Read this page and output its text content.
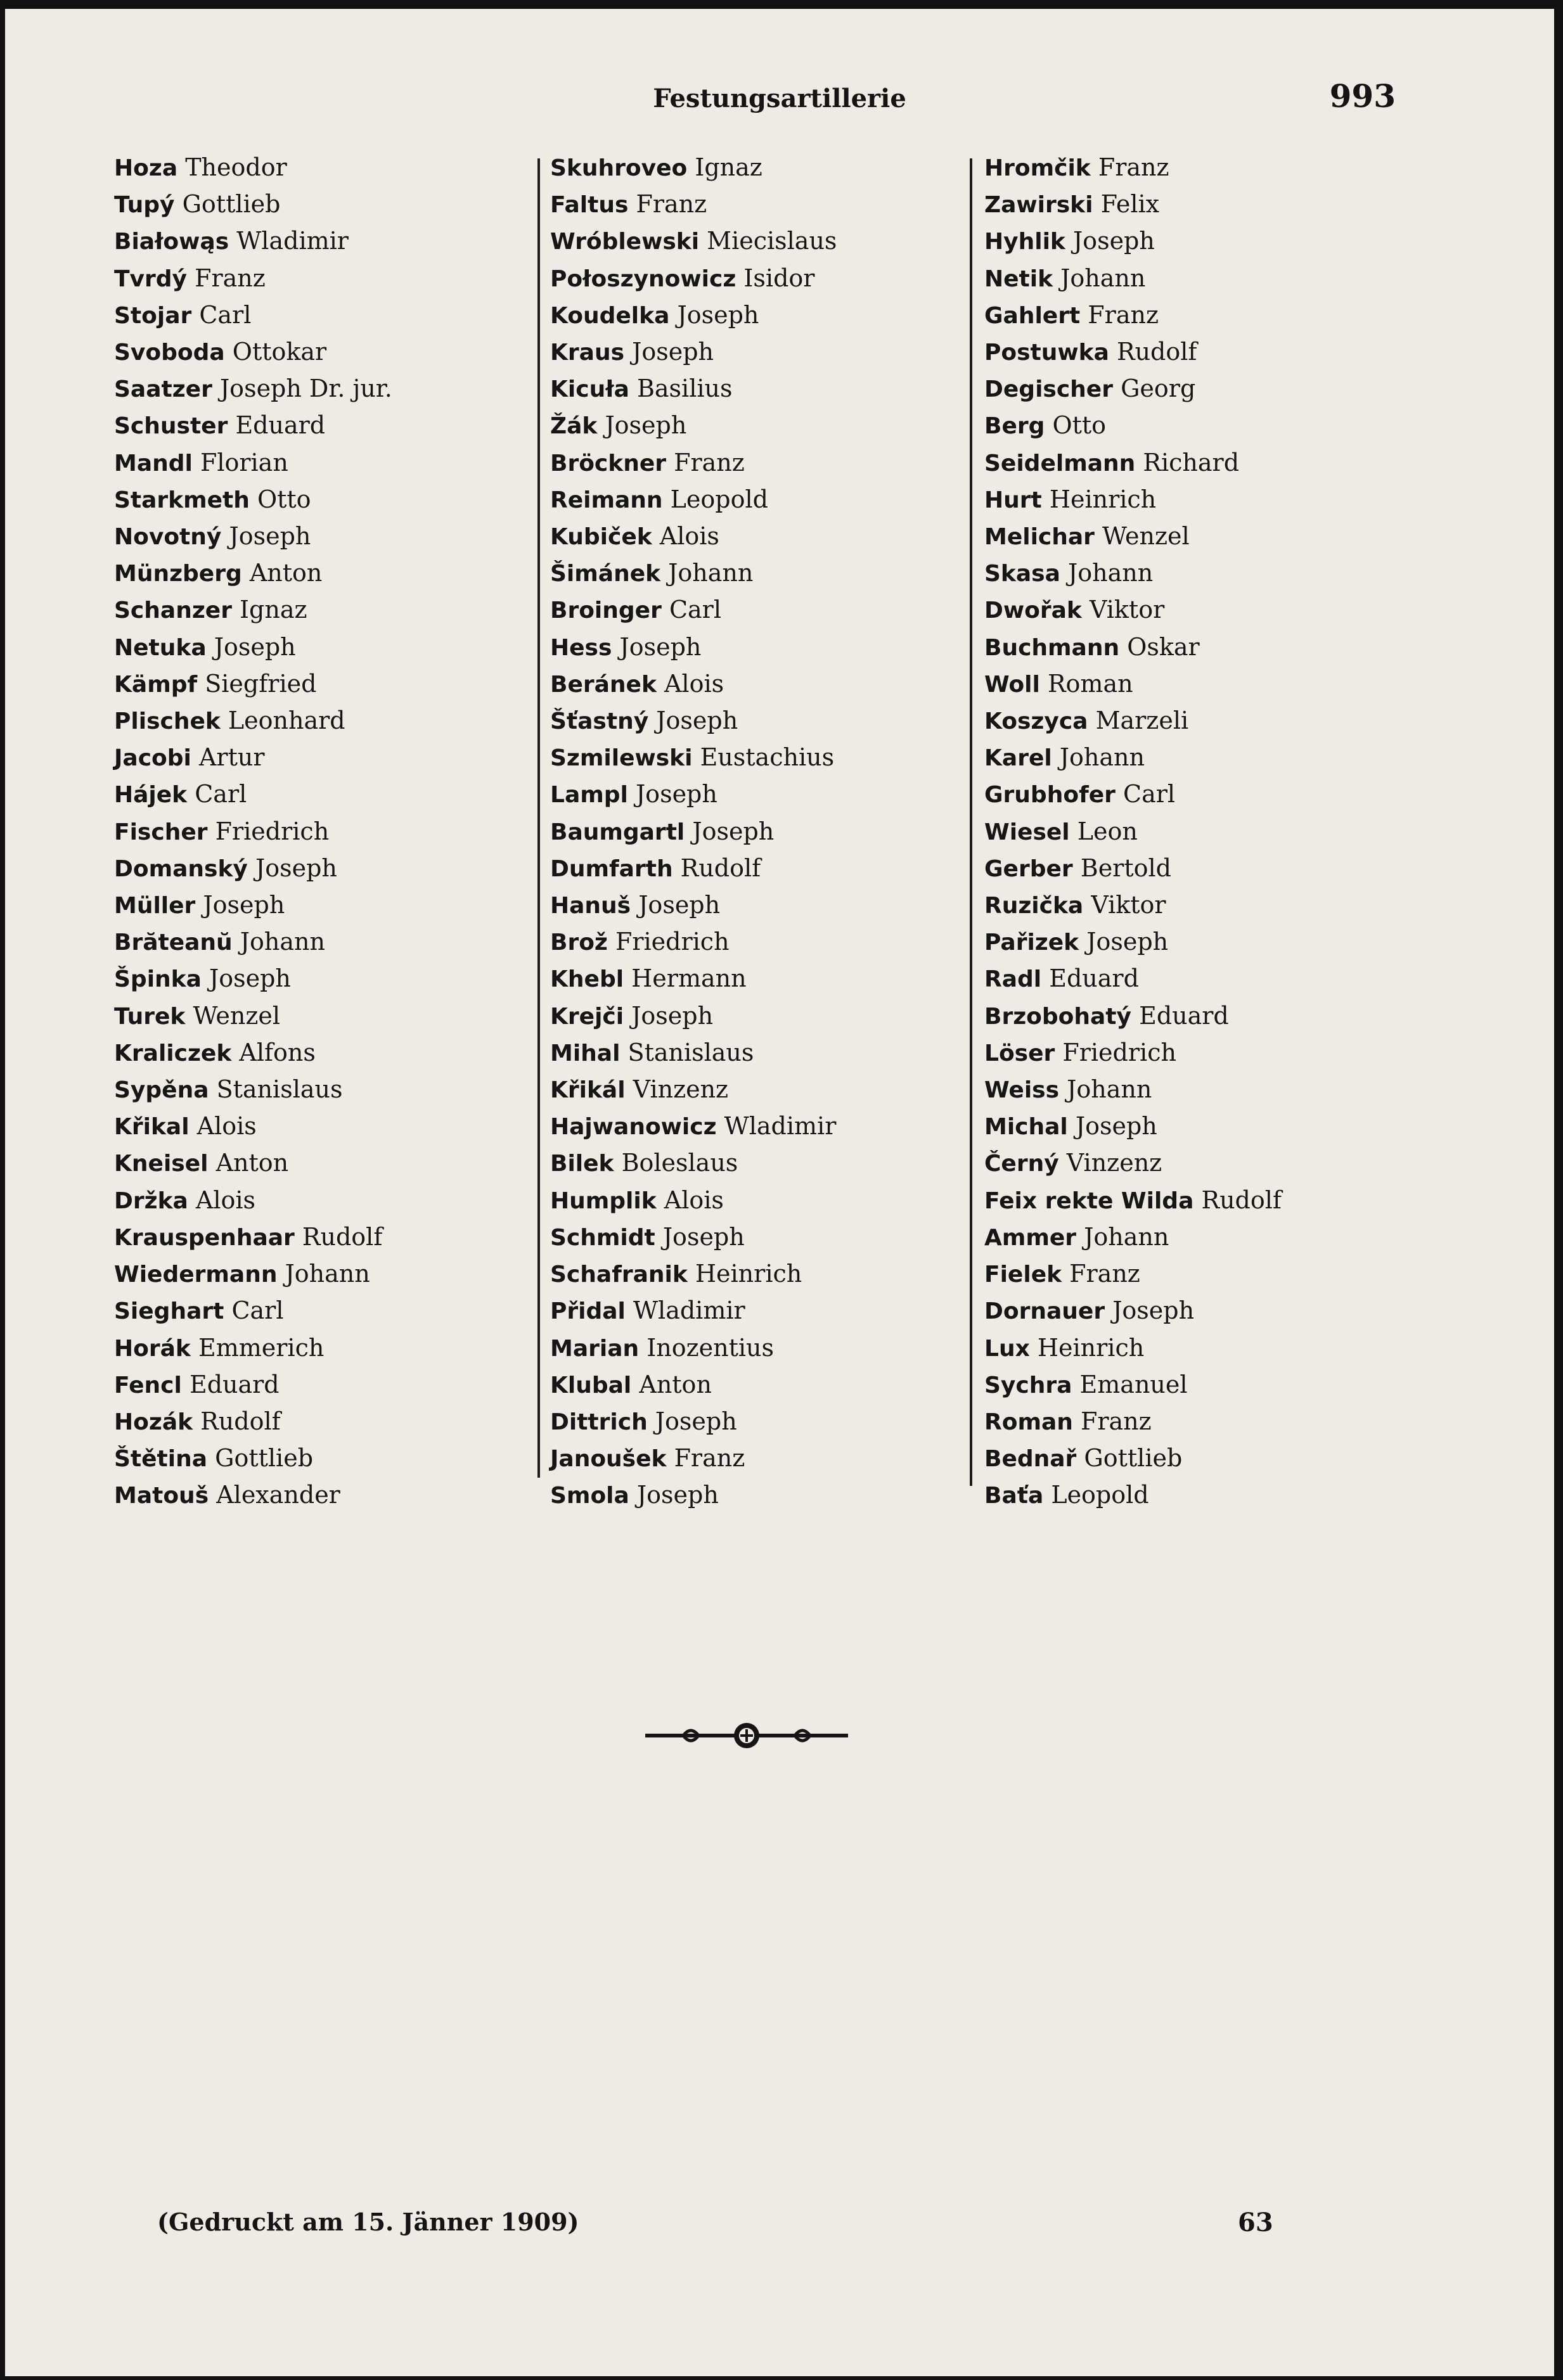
Festungsartillerie	993
Hoza Theodor
Tupý Gottlieb
Białowąs Wladimir
Tvrdý Franz
Stojar Carl
Svoboda Ottokar
Saatzer Joseph Dr. jur.
Schuster Eduard
Mandl Florian
Starkmeth Otto
Novotný Joseph
Münzberg Anton
Schanzer Ignaz
Netuka Joseph
Kämpf Siegfried
Plischek Leonhard
Jacobi Artur
Hájek Carl
Fischer Friedrich
Domanský Joseph
Müller Joseph
Brăteanŭ Johann
Špinka Joseph
Turek Wenzel
Kraliczek Alfons
Sypěna Stanislaus
Křikal Alois
Kneisel Anton
Držka Alois
Krauspenhaar Rudolf
Wiedermann Johann
Sieghart Carl
Horák Emmerich
Fencl Eduard
Hozák Rudolf
Štětina Gottlieb
Matouš Alexander
Skuhroveo Ignaz
Faltus Franz
Wróblewski Miecislaus
Połoszynowicz Isidor
Koudelka Joseph
Kraus Joseph
Kicuła Basilius
Žák Joseph
Bröckner Franz
Reimann Leopold
Kubiček Alois
Šimánek Johann
Broinger Carl
Hess Joseph
Beránek Alois
Šťastný Joseph
Szmilewski Eustachius
Lampl Joseph
Baumgartl Joseph
Dumfarth Rudolf
Hanuš Joseph
Brož Friedrich
Khebl Hermann
Krejči Joseph
Mihal Stanislaus
Křikál Vinzenz
Hajwanowicz Wladimir
Bilek Boleslaus
Humplik Alois
Schmidt Joseph
Schafranik Heinrich
Přidal Wladimir
Marian Inozentius
Klubal Anton
Dittrich Joseph
Janoušek Franz
Smola Joseph
Hromčik Franz
Zawirski Felix
Hyhlik Joseph
Netik Johann
Gahlert Franz
Postuwka Rudolf
Degischer Georg
Berg Otto
Seidelmann Richard
Hurt Heinrich
Melichar Wenzel
Skasa Johann
Dwořak Viktor
Buchmann Oskar
Woll Roman
Koszyca Marzeli
Karel Johann
Grubhofer Carl
Wiesel Leon
Gerber Bertold
Ruzička Viktor
Pařizek Joseph
Radl Eduard
Brzobohatý Eduard
Löser Friedrich
Weiss Johann
Michal Joseph
Černý Vinzenz
Feix rekte Wilda Rudolf
Ammer Johann
Fielek Franz
Dornauer Joseph
Lux Heinrich
Sychra Emanuel
Roman Franz
Bednař Gottlieb
Baťa Leopold
(Gedruckt am 15. Jänner 1909)	63
